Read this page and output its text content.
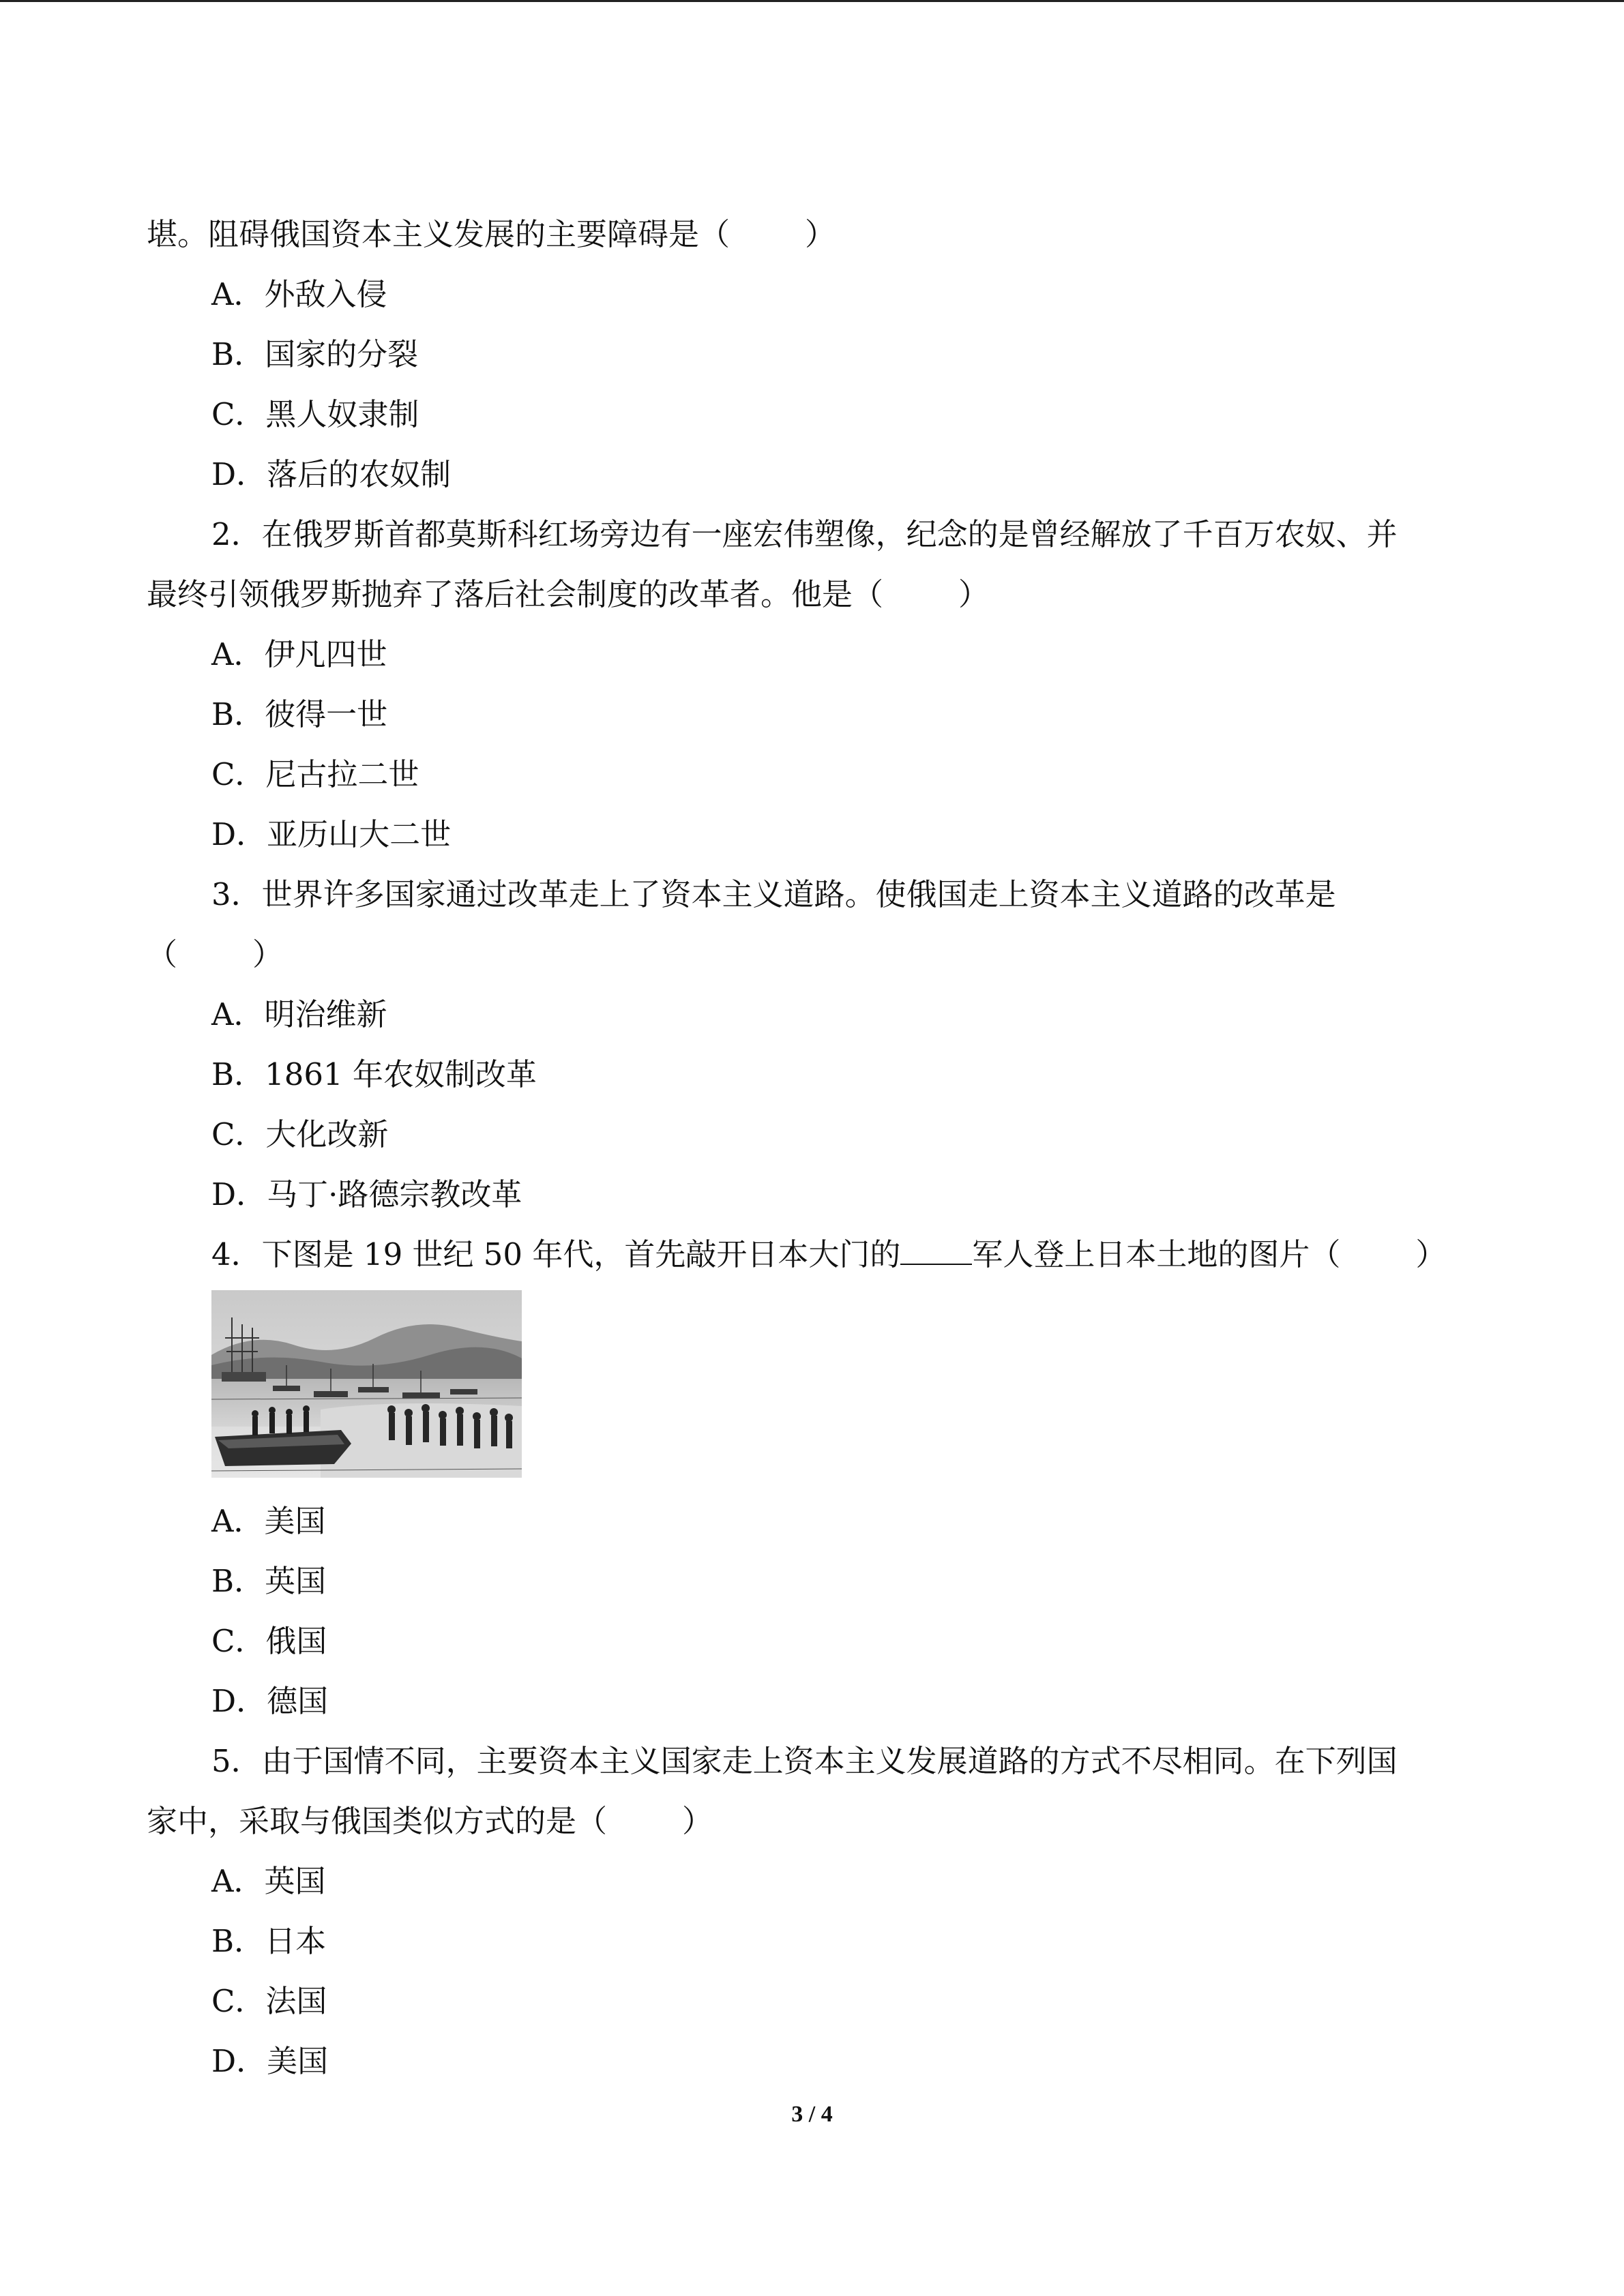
堪。阻碍俄国资本主义发展的主要障碍是（ ）
A．外敌入侵
B．国家的分裂
C．黑人奴隶制
D．落后的农奴制
2．在俄罗斯首都莫斯科红场旁边有一座宏伟塑像，纪念的是曾经解放了千百万农奴、并
最终引领俄罗斯抛弃了落后社会制度的改革者。他是（ ）
A．伊凡四世
B．彼得一世
C．尼古拉二世
D．亚历山大二世
3．世界许多国家通过改革走上了资本主义道路。使俄国走上资本主义道路的改革是
（ ）
A．明治维新
B．1861 年农奴制改革
C．大化改新
D．马丁·路德宗教改革
4．下图是 19 世纪 50 年代，首先敲开日本大门的 军人登上日本土地的图片（ ）
A．美国
B．英国
C．俄国
D．德国
5．由于国情不同，主要资本主义国家走上资本主义发展道路的方式不尽相同。在下列国
家中，采取与俄国类似方式的是（ ）
A．英国
B．日本
C．法国
D．美国
3 / 4
